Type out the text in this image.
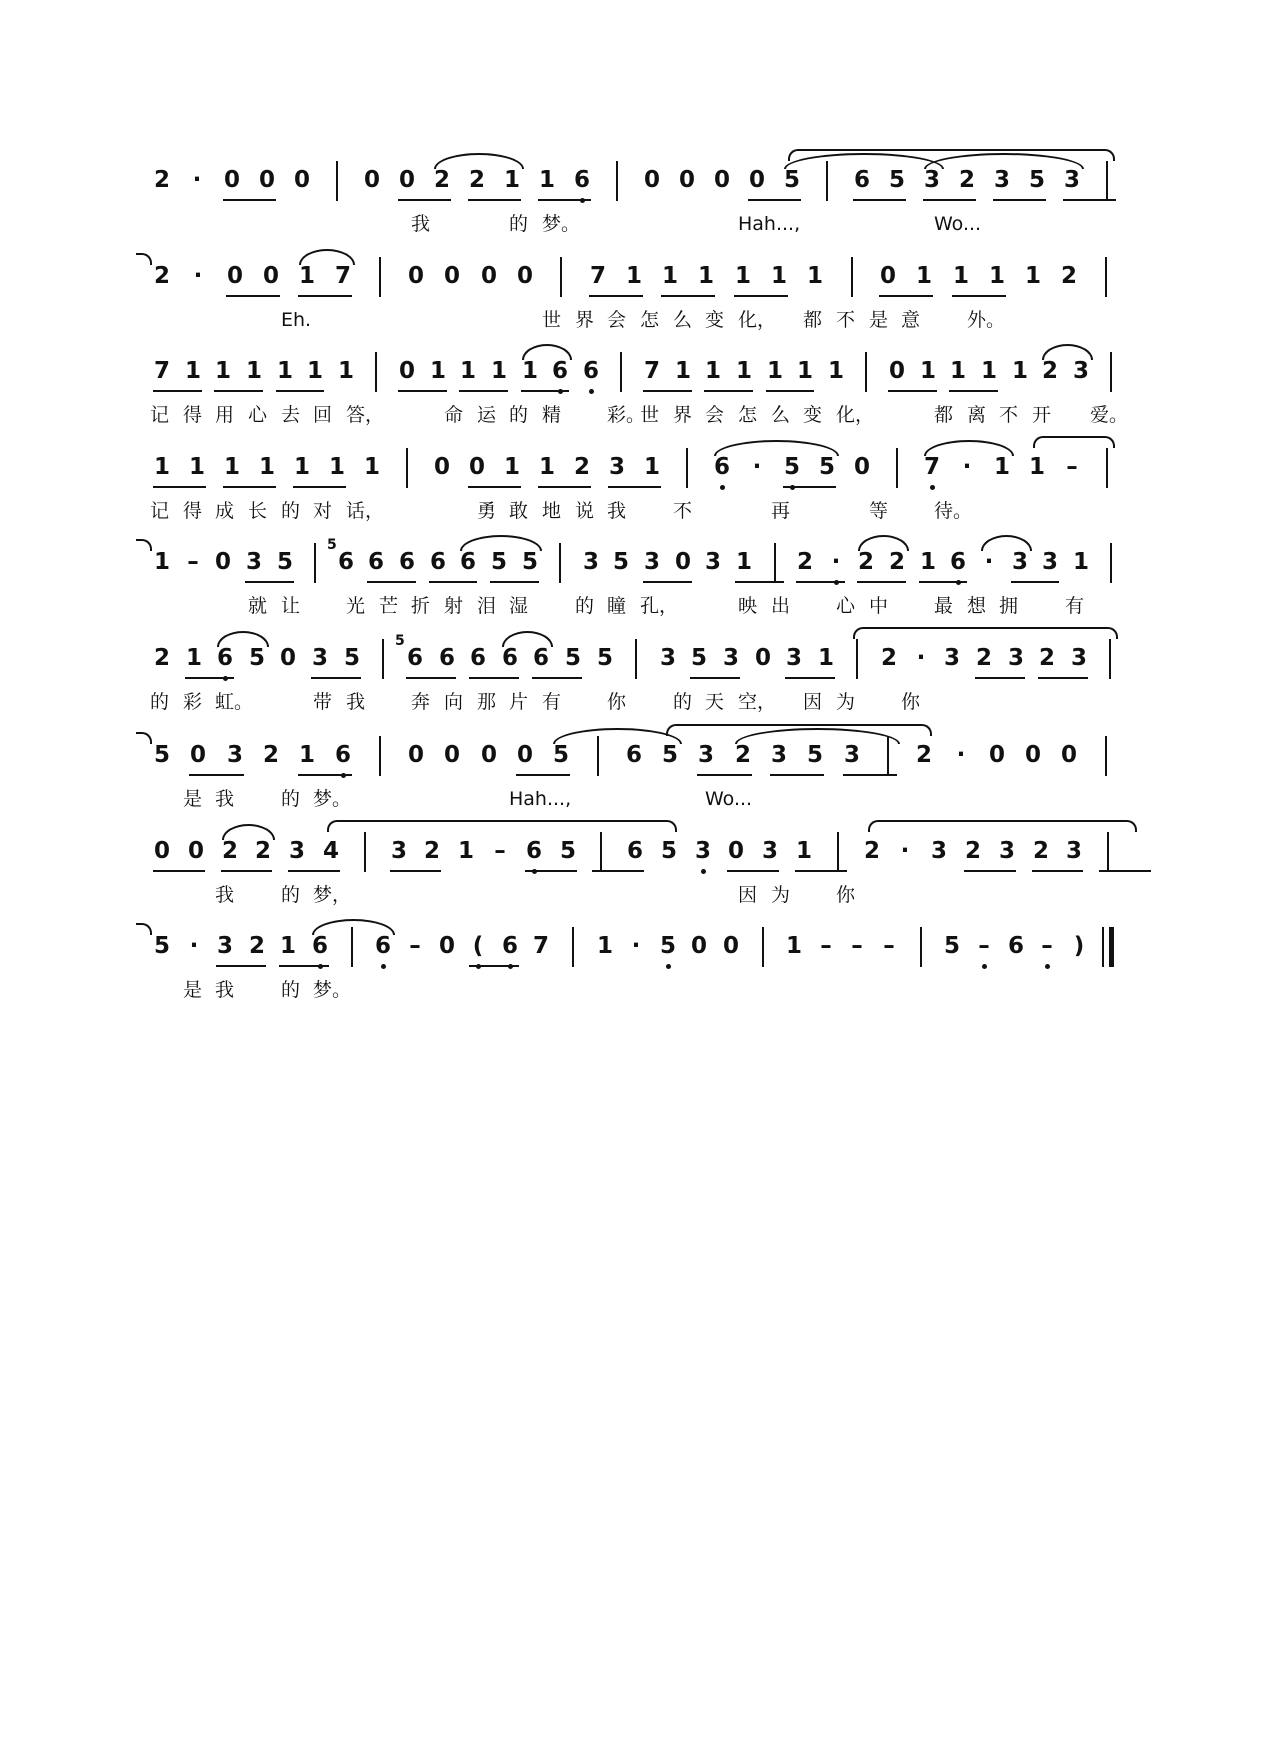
2 · 0 0 0 0 0 2 2 1 1 6 0 0 0 0 5 6 5 3 2 3 5 3
我	的 梦。	Hah...,	Wo...
2	·	0 0 1 7 0 0 0 0 7 1 1 1 1 1 1 0 1 1 1 1 2
Eh.	世 界 会 怎 么 变 化， 都 不 是 意 外。
7 1 1 1 1 1 1 0 1 1 1 1 6 6 7 1 1 1 1 1 1 0 1 1 1 1 2 3
记 得 用 心 去 回 答，	命 运 的 精 彩。
世 界 会 怎 么 变 化，	都 离 不 开 爱。
1 1 1 1 1 1 1 0 0 1 1 2 3 1 6 · 5 5 0 7 · 1 1 –
记 得 成 长 的 对 话，	勇 敢 地 说 我 不	再	等 待。
1 – 0 3 5 6 6 6 6 6 5 5 3 5 3 0 3 1 2 · 2 2 1 6 · 3 3 1
5
就 让 光 芒 折 射 泪 湿 的 瞳 孔，	映 出 心 中 最 想 拥 有
2 1 6 5 0 3 5 6 6 6 6 6 5 5 3 5 3 0 3 1 2 · 3 2 3 2 3
5
的 彩 虹。	带 我 奔 向 那 片 有 你 的 天 空， 因 为 你
5 0 3 2 1 6 0 0 0 0 5 6 5 3 2 3 5 3 2	·	0 0 0
是 我 的 梦。	Hah...,	Wo...
0 0 2 2 3 4 3 2 1 – 6 5 6 5 3 0 3 1 2 · 3 2 3 2 3
我 的 梦，	因 为 你
5 · 3 2 1 6 6 – 0 ( 6 7 1 · 5 0 0 1 – – – 5 – 6 – )
是 我 的 梦。
